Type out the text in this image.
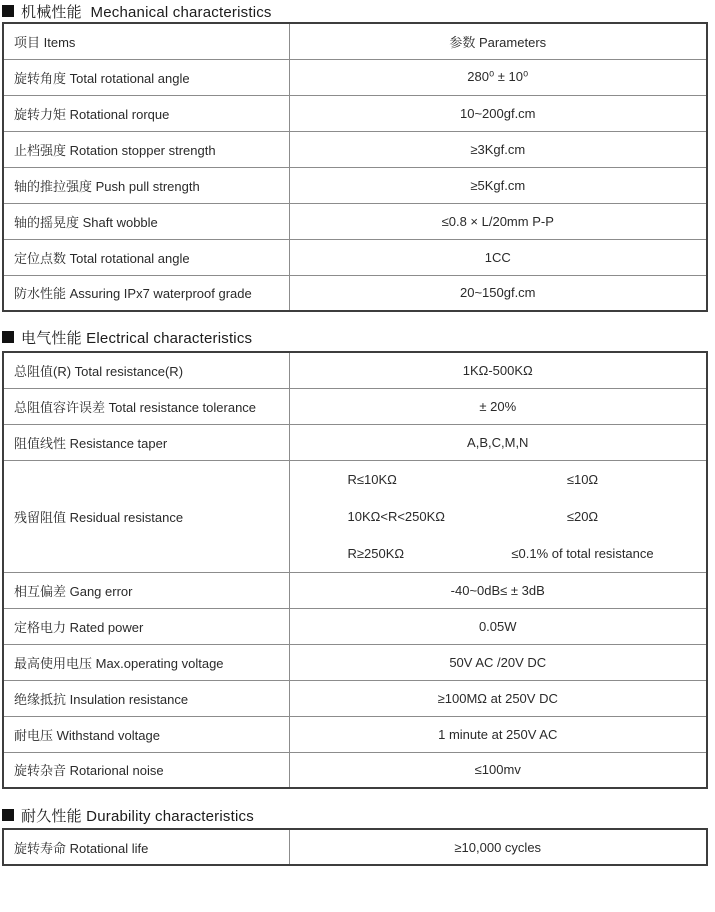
机械性能  Mechanical characteristics
项目 Items	参数 Parameters
旋转角度 Total rotational angle	280⁰ ± 10⁰
旋转力矩 Rotational rorque	10~200gf.cm
止档强度 Rotation stopper strength	≥3Kgf.cm
轴的推拉强度 Push pull strength	≥5Kgf.cm
轴的摇晃度 Shaft wobble	≤0.8 × L/20mm P-P
定位点数 Total rotational angle	1CC
防水性能 Assuring IPx7 waterproof grade	20~150gf.cm
电气性能 Electrical characteristics
总阻值(R) Total resistance(R)	1KΩ-500KΩ
总阻值容许误差 Total resistance tolerance	± 20%
阻值线性 Resistance taper	A,B,C,M,N
残留阻值 Residual resistance	
R≤10KΩ	≤10Ω
10KΩ<R<250KΩ	≤20Ω
R≥250KΩ	≤0.1% of total resistance

相互偏差 Gang error	-40~0dB≤ ± 3dB
定格电力 Rated power	0.05W
最高使用电压 Max.operating voltage	50V AC /20V DC
绝缘抵抗 Insulation resistance	≥100MΩ at 250V DC
耐电压 Withstand voltage	1 minute at 250V AC
旋转杂音 Rotarional noise	≤100mv
耐久性能 Durability characteristics
旋转寿命 Rotational life	≥10,000 cycles
